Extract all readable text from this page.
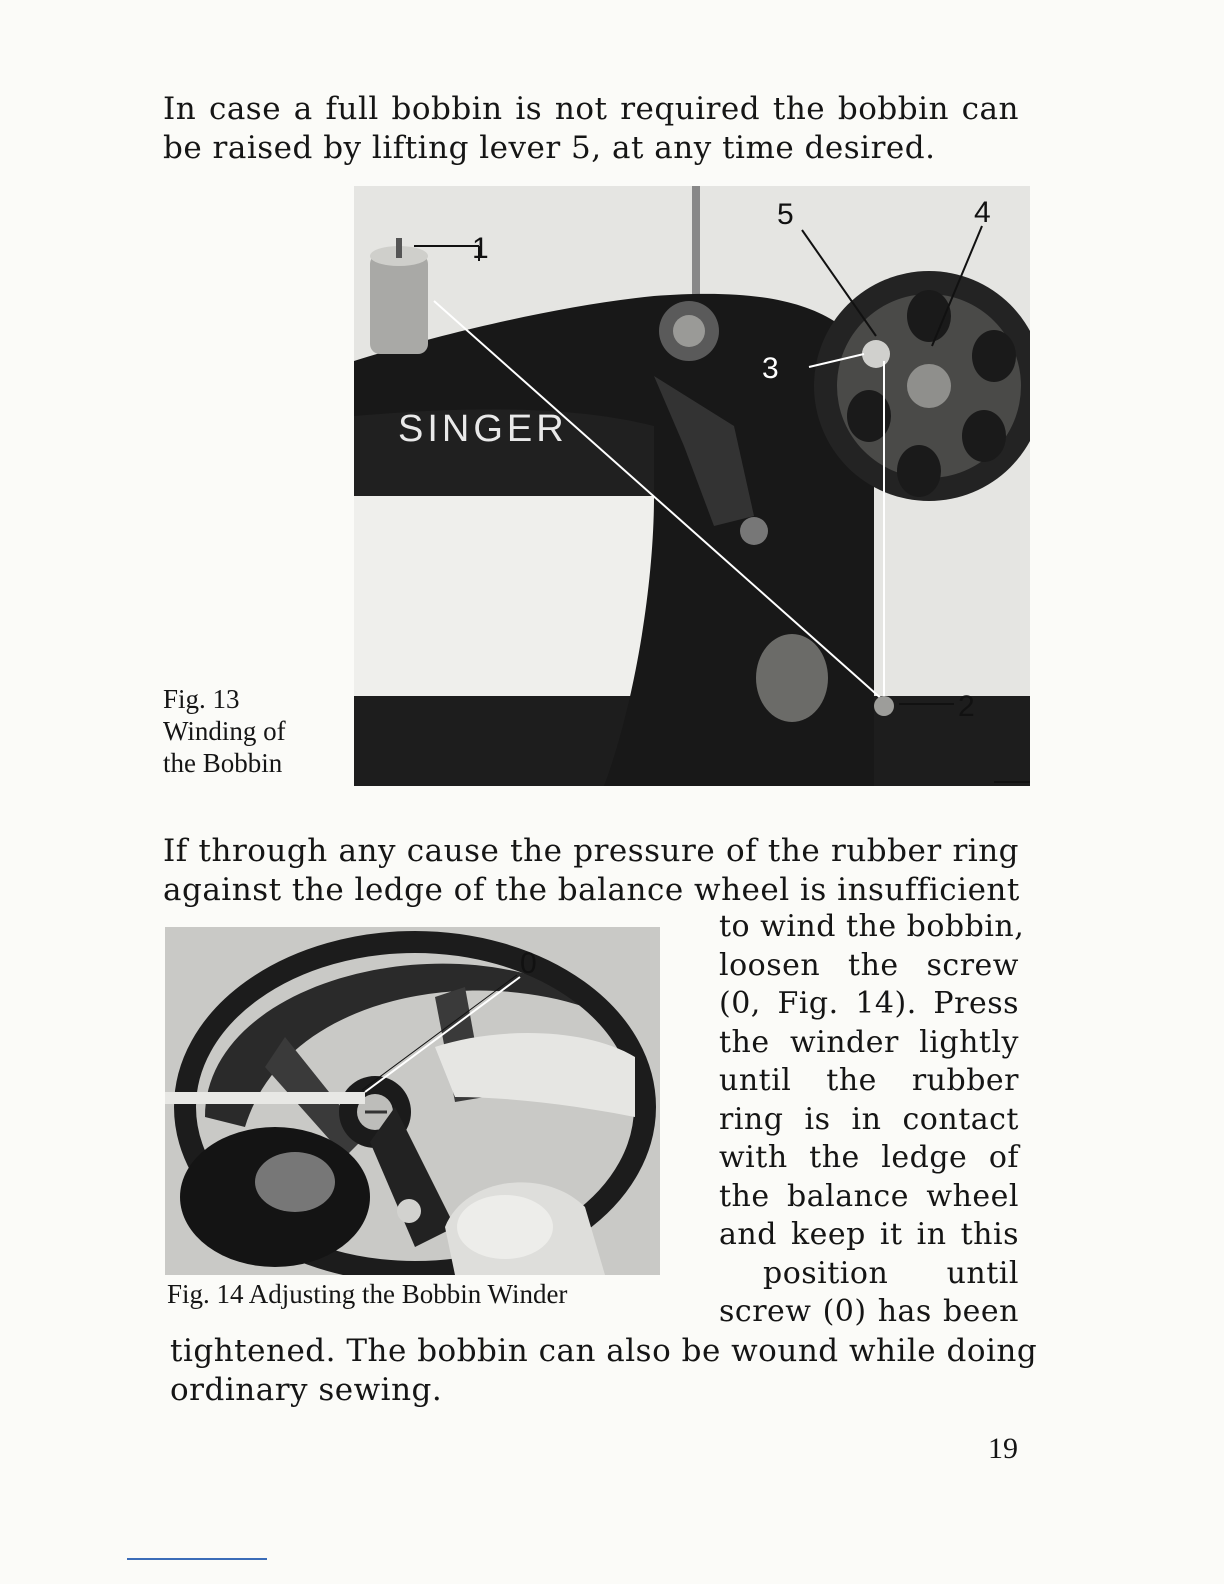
In case a full bobbin is not required the bobbin can
be raised by lifting lever 5, at any time desired.

Fig. 13
Winding of
the Bobbin
SINGER
1
2
3
4
5

If through any cause the pressure of the rubber ring
against the ledge of the balance wheel is insufficient

0
Fig. 14 Adjusting the Bobbin Winder

to wind the bobbin,
loosen the screw
(0, Fig. 14). Press
the winder lightly
until the rubber
ring is in contact
with the ledge of
the balance wheel
and keep it in this
position until
screw (0) has been

tightened. The bobbin can also be wound while doing
ordinary sewing.

19
